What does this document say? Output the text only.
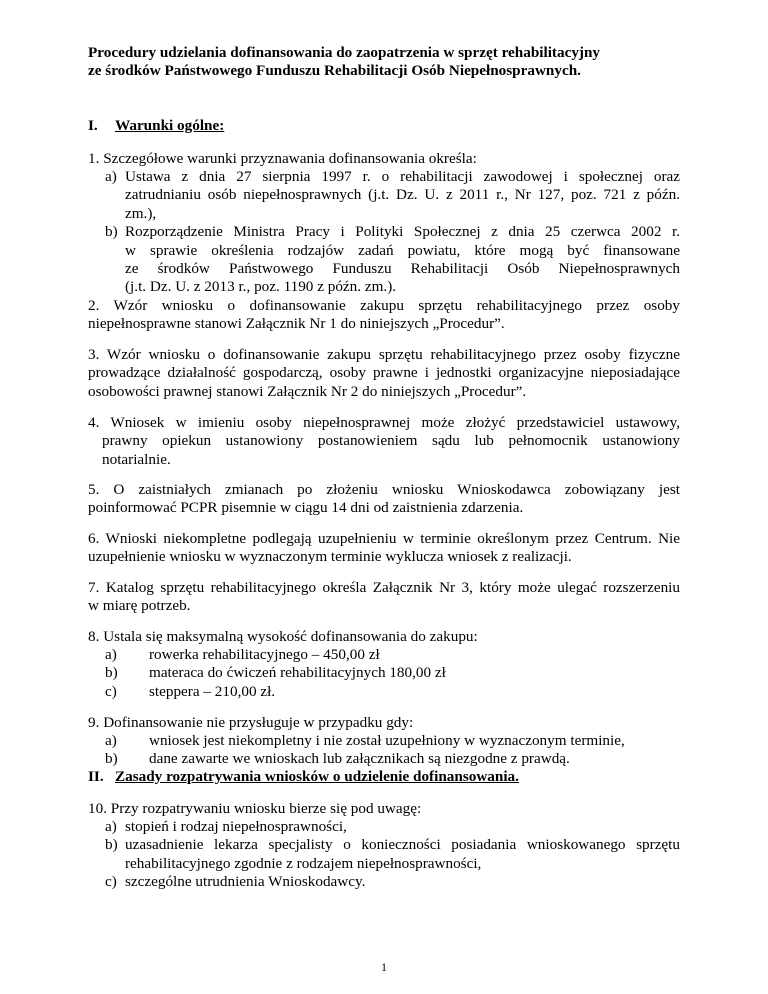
Procedury udzielania dofinansowania do zaopatrzenia w sprzęt rehabilitacyjny
ze środków Państwowego Funduszu Rehabilitacji Osób Niepełnosprawnych.
I. Warunki ogólne:
1. Szczegółowe warunki przyznawania dofinansowania określa:
a) Ustawa z dnia 27 sierpnia 1997 r. o rehabilitacji zawodowej i społecznej oraz
zatrudnianiu osób niepełnosprawnych (j.t. Dz. U. z 2011 r., Nr 127, poz. 721 z późn.
zm.),
b) Rozporządzenie Ministra Pracy i Polityki Społecznej z dnia 25 czerwca 2002 r.
w sprawie określenia rodzajów zadań powiatu, które mogą być finansowane
ze środków Państwowego Funduszu Rehabilitacji Osób Niepełnosprawnych
(j.t. Dz. U. z 2013 r., poz. 1190 z późn. zm.).
2. Wzór wniosku o dofinansowanie zakupu sprzętu rehabilitacyjnego przez osoby
niepełnosprawne stanowi Załącznik Nr 1 do niniejszych „Procedur”.
3. Wzór wniosku o dofinansowanie zakupu sprzętu rehabilitacyjnego przez osoby fizyczne
prowadzące działalność gospodarczą, osoby prawne i jednostki organizacyjne nieposiadające
osobowości prawnej stanowi Załącznik Nr 2 do niniejszych „Procedur”.
4. Wniosek w imieniu osoby niepełnosprawnej może złożyć przedstawiciel ustawowy,
prawny opiekun ustanowiony postanowieniem sądu lub pełnomocnik ustanowiony
notarialnie.
5. O zaistniałych zmianach po złożeniu wniosku Wnioskodawca zobowiązany jest
poinformować PCPR pisemnie w ciągu 14 dni od zaistnienia zdarzenia.
6. Wnioski niekompletne podlegają uzupełnieniu w terminie określonym przez Centrum. Nie
uzupełnienie wniosku w wyznaczonym terminie wyklucza wniosek z realizacji.
7. Katalog sprzętu rehabilitacyjnego określa Załącznik Nr 3, który może ulegać rozszerzeniu
w miarę potrzeb.
8. Ustala się maksymalną wysokość dofinansowania do zakupu:
a)	rowerka rehabilitacyjnego – 450,00 zł
b)	materaca do ćwiczeń rehabilitacyjnych 180,00 zł
c)	steppera – 210,00 zł.
9. Dofinansowanie nie przysługuje w przypadku gdy:
a)	wniosek jest niekompletny i nie został uzupełniony w wyznaczonym terminie,
b)	dane zawarte we wnioskach lub załącznikach są niezgodne z prawdą.
II. Zasady rozpatrywania wniosków o udzielenie dofinansowania.
10. Przy rozpatrywaniu wniosku bierze się pod uwagę:
a) stopień i rodzaj niepełnosprawności,
b) uzasadnienie lekarza specjalisty o konieczności posiadania wnioskowanego sprzętu
rehabilitacyjnego zgodnie z rodzajem niepełnosprawności,
c) szczególne utrudnienia Wnioskodawcy.
1
